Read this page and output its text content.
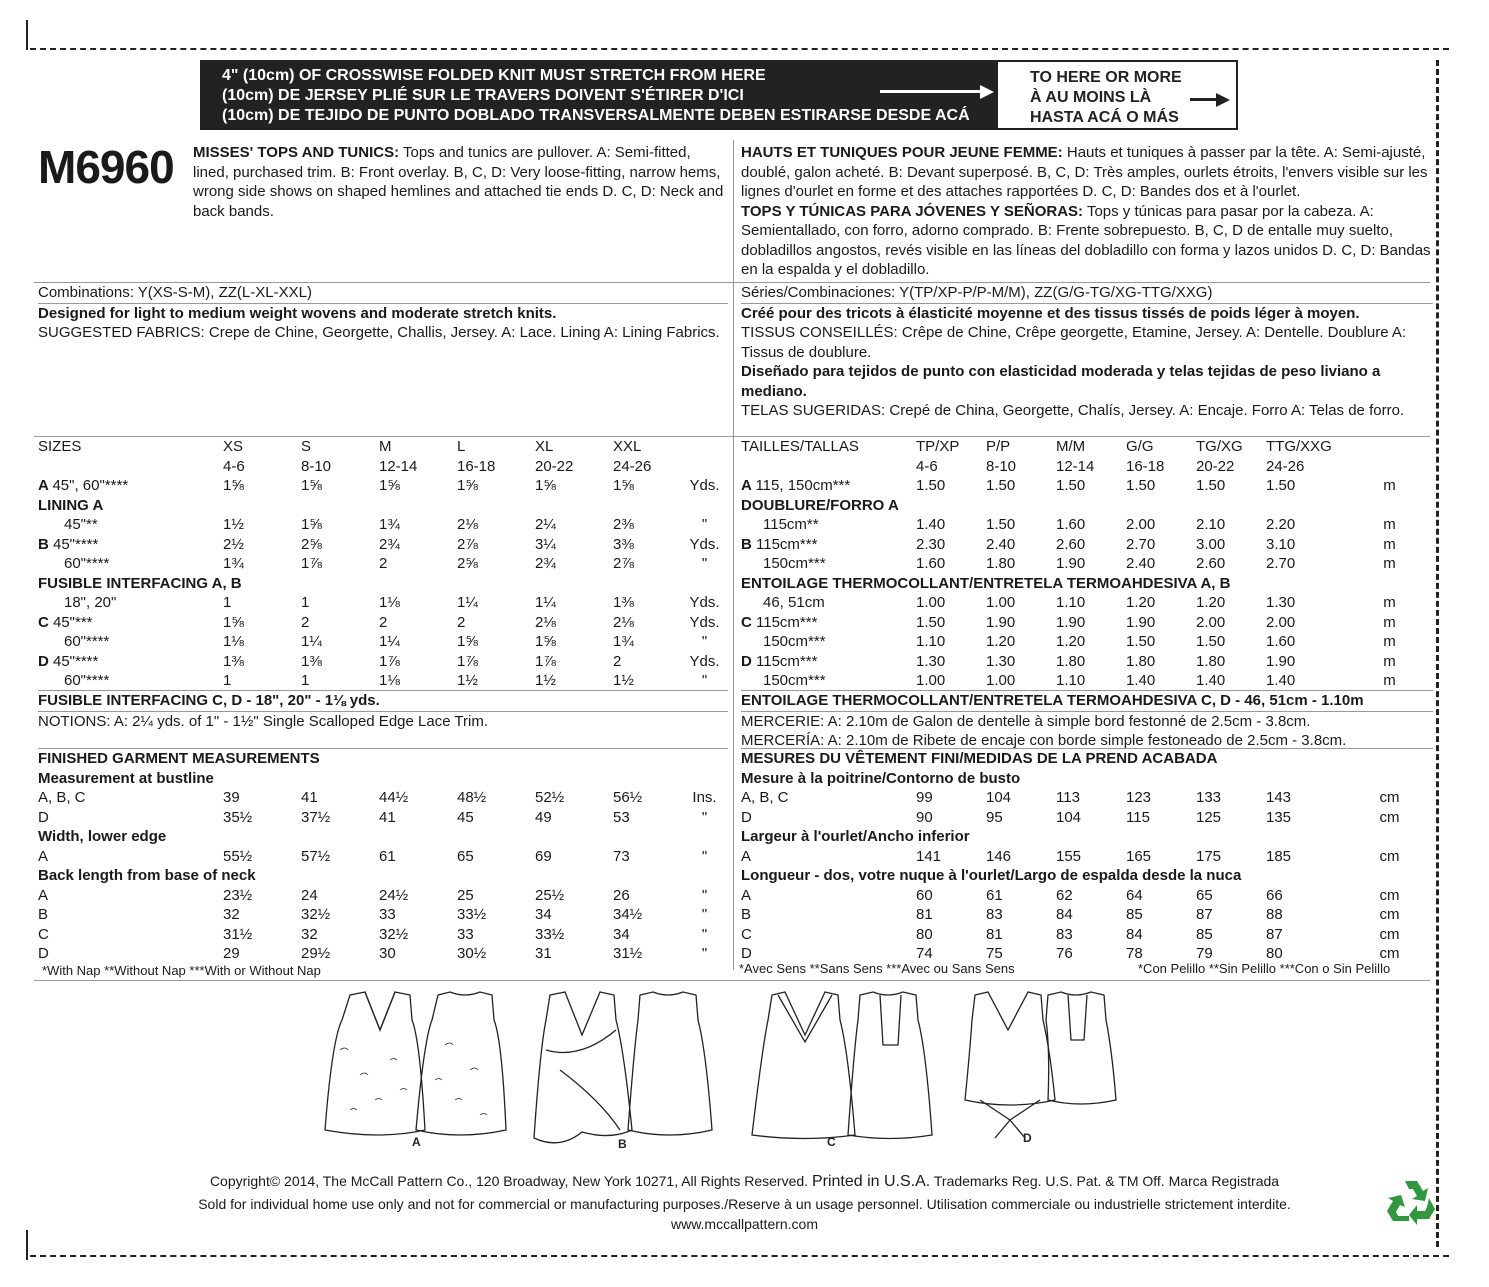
4" (10cm) OF CROSSWISE FOLDED KNIT MUST STRETCH FROM HERE
(10cm) DE JERSEY PLIÉ SUR LE TRAVERS DOIVENT S'ÉTIRER D'ICI
(10cm) DE TEJIDO DE PUNTO DOBLADO TRANSVERSALMENTE DEBEN ESTIRARSE DESDE ACÁ
TO HERE OR MORE
À AU MOINS LÀ
HASTA ACÁ O MÁS
M6960 MISSES' TOPS AND TUNICS: Tops and tunics are pullover. A: Semi-fitted, lined, purchased trim. B: Front overlay. B, C, D: Very loose-fitting, narrow hems, wrong side shows on shaped hemlines and attached tie ends D. C, D: Neck and back bands.
HAUTS ET TUNIQUES POUR JEUNE FEMME: Hauts et tuniques à passer par la tête. A: Semi-ajusté, doublé, galon acheté. B: Devant superposé. B, C, D: Très amples, ourlets étroits, l'envers visible sur les lignes d'ourlet en forme et des attaches rapportées D. C, D: Bandes dos et à l'ourlet.
TOPS Y TÚNICAS PARA JÓVENES Y SEÑORAS: Tops y túnicas para pasar por la cabeza. A: Semientallado, con forro, adorno comprado. B: Frente sobrepuesto. B, C, D de entalle muy suelto, dobladillos angostos, revés visible en las líneas del dobladillo con forma y lazos unidos D. C, D: Bandas en la espalda y el dobladillo.
Combinations: Y(XS-S-M), ZZ(L-XL-XXL)
Designed for light to medium weight wovens and moderate stretch knits.
SUGGESTED FABRICS: Crepe de Chine, Georgette, Challis, Jersey. A: Lace. Lining A: Lining Fabrics.
Séries/Combinaciones: Y(TP/XP-P/P-M/M), ZZ(G/G-TG/XG-TTG/XXG)
Créé pour des tricots à élasticité moyenne et des tissus tissés de poids léger à moyen.
TISSUS CONSEILLÉS: Crêpe de Chine, Crêpe georgette, Etamine, Jersey. A: Dentelle. Doublure A: Tissus de doublure.
Diseñado para tejidos de punto con elasticidad moderada y telas tejidas de peso liviano a mediano.
TELAS SUGERIDAS: Crepé de China, Georgette, Chalís, Jersey. A: Encaje. Forro A: Telas de forro.
SIZES	XS	S	M	L	XL	XXL		
	4-6	8-10	12-14	16-18	20-22	24-26		
A 45", 60"****	1⅝	1⅝	1⅝	1⅝	1⅝	1⅝	Yds.	
LINING A								
45"**	1½	1⅝	1¾	2⅛	2¼	2⅜	"	
B 45"****	2½	2⅝	2¾	2⅞	3¼	3⅜	Yds.	
60"****	1¾	1⅞	2	2⅝	2¾	2⅞	"	
FUSIBLE INTERFACING A, B								
18", 20"	1	1	1⅛	1¼	1¼	1⅜	Yds.	
C 45"***	1⅝	2	2	2	2⅛	2⅛	Yds.	
60"****	1⅛	1¼	1¼	1⅝	1⅝	1¾	"	
D 45"****	1⅜	1⅜	1⅞	1⅞	1⅞	2	Yds.	
60"****	1	1	1⅛	1½	1½	1½	"	
TAILLES/TALLAS	TP/XP	P/P	M/M	G/G	TG/XG	TTG/XXG		
	4-6	8-10	12-14	16-18	20-22	24-26		
A 115, 150cm***	1.50	1.50	1.50	1.50	1.50	1.50	m	
DOUBLURE/FORRO A								
115cm**	1.40	1.50	1.60	2.00	2.10	2.20	m	
B 115cm***	2.30	2.40	2.60	2.70	3.00	3.10	m	
150cm***	1.60	1.80	1.90	2.40	2.60	2.70	m	
ENTOILAGE THERMOCOLLANT/ENTRETELA TERMOAHDESIVA A, B								
46, 51cm	1.00	1.00	1.10	1.20	1.20	1.30	m	
C 115cm***	1.50	1.90	1.90	1.90	2.00	2.00	m	
150cm***	1.10	1.20	1.20	1.50	1.50	1.60	m	
D 115cm***	1.30	1.30	1.80	1.80	1.80	1.90	m	
150cm***	1.00	1.00	1.10	1.40	1.40	1.40	m	
FUSIBLE INTERFACING C, D - 18", 20" - 1⅛ yds.
NOTIONS: A: 2¼ yds. of 1" - 1½" Single Scalloped Edge Lace Trim.
ENTOILAGE THERMOCOLLANT/ENTRETELA TERMOAHDESIVA C, D - 46, 51cm - 1.10m
MERCERIE: A: 2.10m de Galon de dentelle à simple bord festonné de 2.5cm - 3.8cm.
MERCERÍA: A: 2.10m de Ribete de encaje con borde simple festoneado de 2.5cm - 3.8cm.
FINISHED GARMENT MEASUREMENTS								
Measurement at bustline								
A, B, C	39	41	44½	48½	52½	56½	Ins.	
D	35½	37½	41	45	49	53	"	
Width, lower edge								
A	55½	57½	61	65	69	73	"	
Back length from base of neck								
A	23½	24	24½	25	25½	26	"	
B	32	32½	33	33½	34	34½	"	
C	31½	32	32½	33	33½	34	"	
D	29	29½	30	30½	31	31½	"	
MESURES DU VÊTEMENT FINI/MEDIDAS DE LA PREND ACABADA								
Mesure à la poitrine/Contorno de busto								
A, B, C	99	104	113	123	133	143	cm	
D	90	95	104	115	125	135	cm	
Largeur à l'ourlet/Ancho inferior								
A	141	146	155	165	175	185	cm	
Longueur - dos, votre nuque à l'ourlet/Largo de espalda desde la nuca								
A	60	61	62	64	65	66	cm	
B	81	83	84	85	87	88	cm	
C	80	81	83	84	85	87	cm	
D	74	75	76	78	79	80	cm	
*With Nap **Without Nap ***With or Without Nap	*Avec Sens **Sans Sens ***Avec ou Sans Sens	*Con Pelillo **Sin Pelillo ***Con o Sin Pelillo
A	B	C	D
Copyright© 2014, The McCall Pattern Co., 120 Broadway, New York 10271, All Rights Reserved. Printed in U.S.A. Trademarks Reg. U.S. Pat. & TM Off. Marca Registrada
Sold for individual home use only and not for commercial or manufacturing purposes./Reserve à un usage personnel. Utilisation commerciale ou industrielle strictement interdite.
www.mccallpattern.com
